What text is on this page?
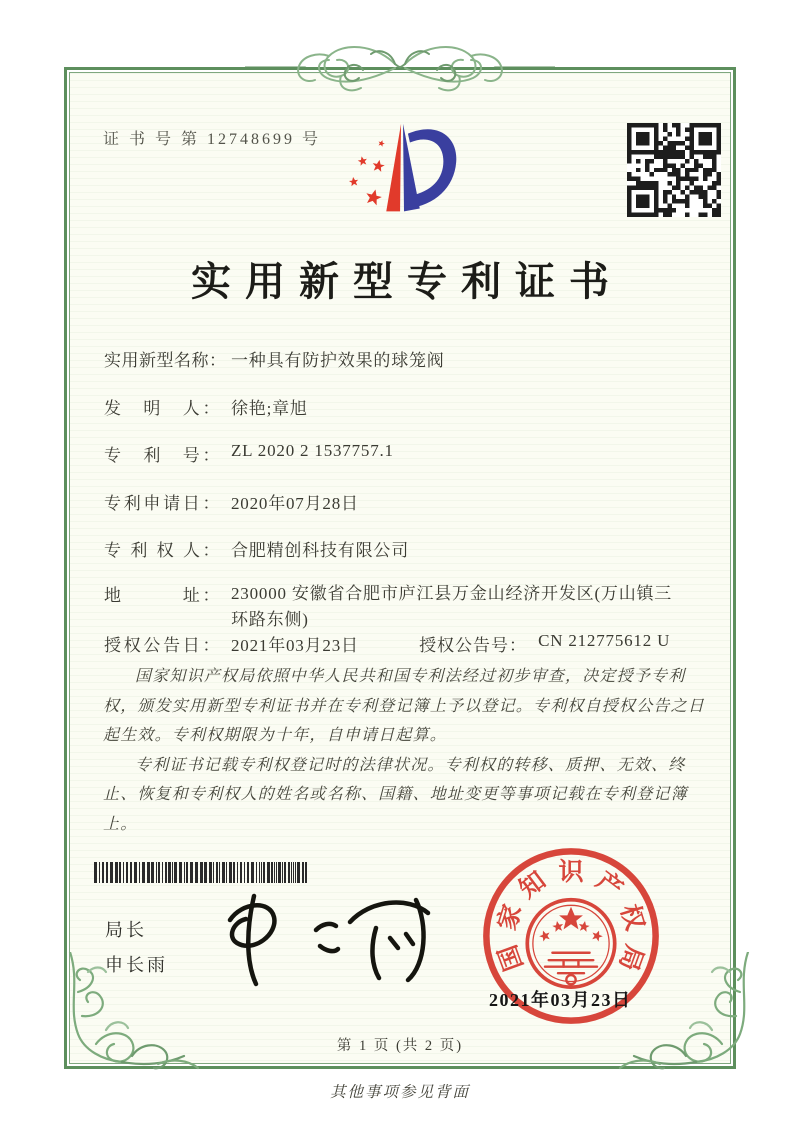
证 书 号 第 12748699 号
实用新型专利证书
实用新型名称： 一种具有防护效果的球笼阀
发　明　人： 徐艳;章旭
专　利　号： ZL 2020 2 1537757.1
专利申请日： 2020年07月28日
专 利 权 人： 合肥精创科技有限公司
地　　　址： 230000 安徽省合肥市庐江县万金山经济开发区(万山镇三
环路东侧)
授权公告日： 2021年03月23日	授权公告号： CN 212775612 U

国家知识产权局依照中华人民共和国专利法经过初步审查，决定授予专利权，颁发实用新型专利证书并在专利登记簿上予以登记。专利权自授权公告之日起生效。专利权期限为十年，自申请日起算。

专利证书记载专利权登记时的法律状况。专利权的转移、质押、无效、终止、恢复和专利权人的姓名或名称、国籍、地址变更等事项记载在专利登记簿上。

局长
申长雨	国
家
知 识 产
权
局
2021年03月23日
第 1 页 (共 2 页)
其他事项参见背面
